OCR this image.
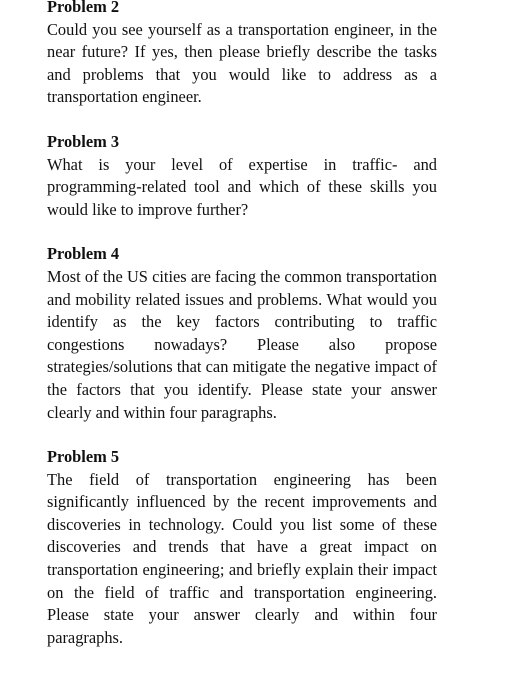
Problem 2

Could you see yourself as a transportation engineer, in the near future? If yes, then please briefly describe the tasks and problems that you would like to address as a transportation engineer.

Problem 3

What is your level of expertise in traffic- and programming-related tool and which of these skills you would like to improve further?

Problem 4

Most of the US cities are facing the common transportation and mobility related issues and problems. What would you identify as the key factors contributing to traffic congestions nowadays? Please also propose strategies/solutions that can mitigate the negative impact of the factors that you identify. Please state your answer clearly and within four paragraphs.

Problem 5

The field of transportation engineering has been significantly influenced by the recent improvements and discoveries in technology. Could you list some of these discoveries and trends that have a great impact on transportation engineering; and briefly explain their impact on the field of traffic and transportation engineering. Please state your answer clearly and within four paragraphs.
